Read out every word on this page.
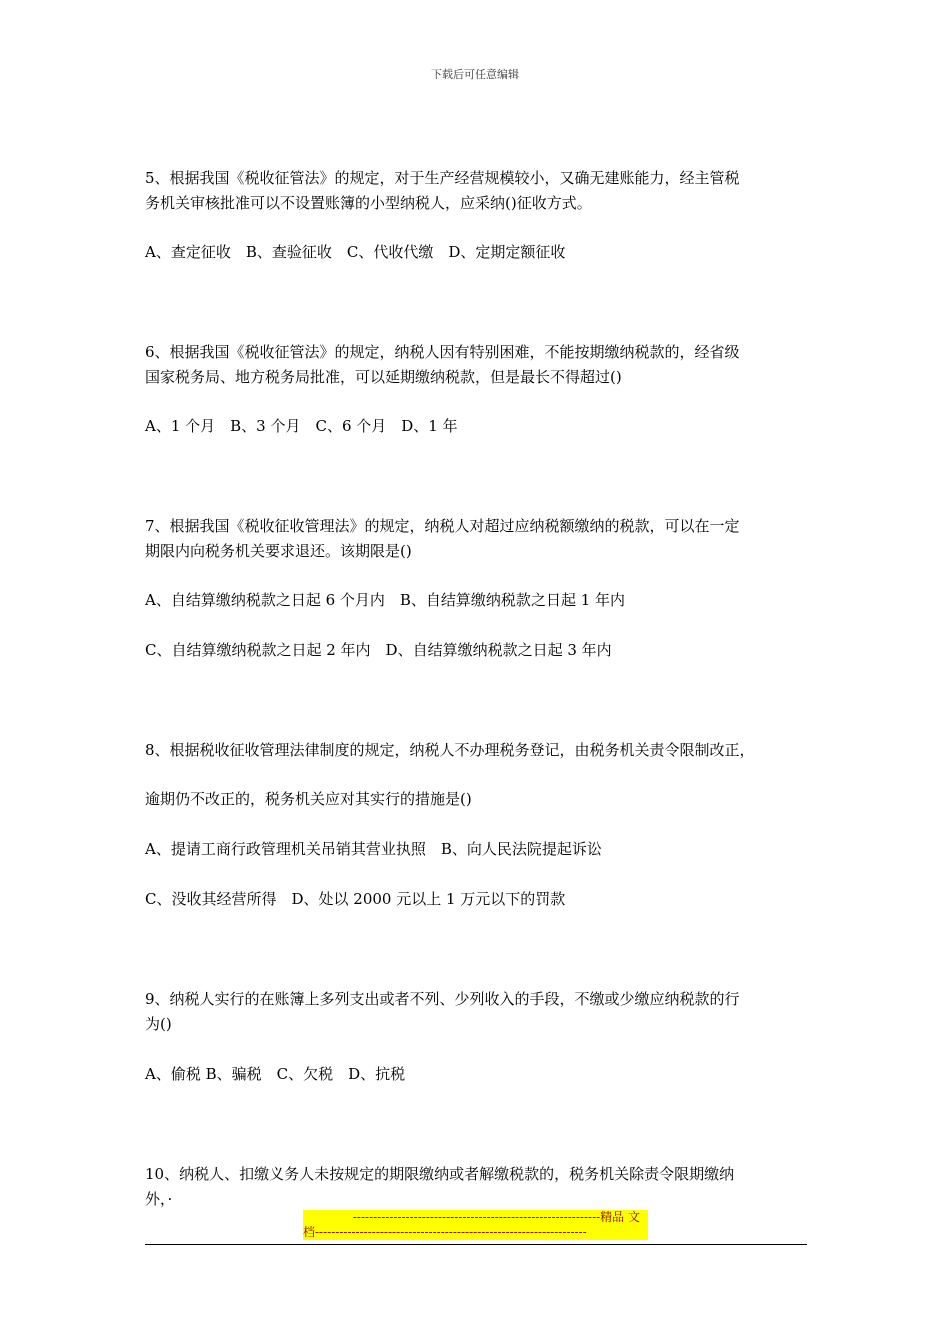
下载后可任意编辑
5、根据我国《税收征管法》的规定，对于生产经营规模较小，又确无建账能力，经主管税
务机关审核批准可以不设置账簿的小型纳税人，应采纳()征收方式。
A、查定征收　B、查验征收　C、代收代缴　D、定期定额征收
6、根据我国《税收征管法》的规定，纳税人因有特别困难，不能按期缴纳税款的，经省级
国家税务局、地方税务局批准，可以延期缴纳税款，但是最长不得超过()
A、1 个月　B、3 个月　C、6 个月　D、1 年
7、根据我国《税收征收管理法》的规定，纳税人对超过应纳税额缴纳的税款，可以在一定
期限内向税务机关要求退还。该期限是()
A、自结算缴纳税款之日起 6 个月内　B、自结算缴纳税款之日起 1 年内
C、自结算缴纳税款之日起 2 年内　D、自结算缴纳税款之日起 3 年内
8、根据税收征收管理法律制度的规定，纳税人不办理税务登记，由税务机关责令限制改正，
逾期仍不改正的，税务机关应对其实行的措施是()
A、提请工商行政管理机关吊销其营业执照　B、向人民法院提起诉讼
C、没收其经营所得　D、处以 2000 元以上 1 万元以下的罚款
9、纳税人实行的在账簿上多列支出或者不列、少列收入的手段，不缴或少缴应纳税款的行
为()
A、偷税 B、骗税　C、欠税　D、抗税
10、纳税人、扣缴义务人未按规定的期限缴纳或者解缴税款的，税务机关除责令限期缴纳
外，·
-------------------------------------------------------------精品 文
档-------------------------------------------------------------------
